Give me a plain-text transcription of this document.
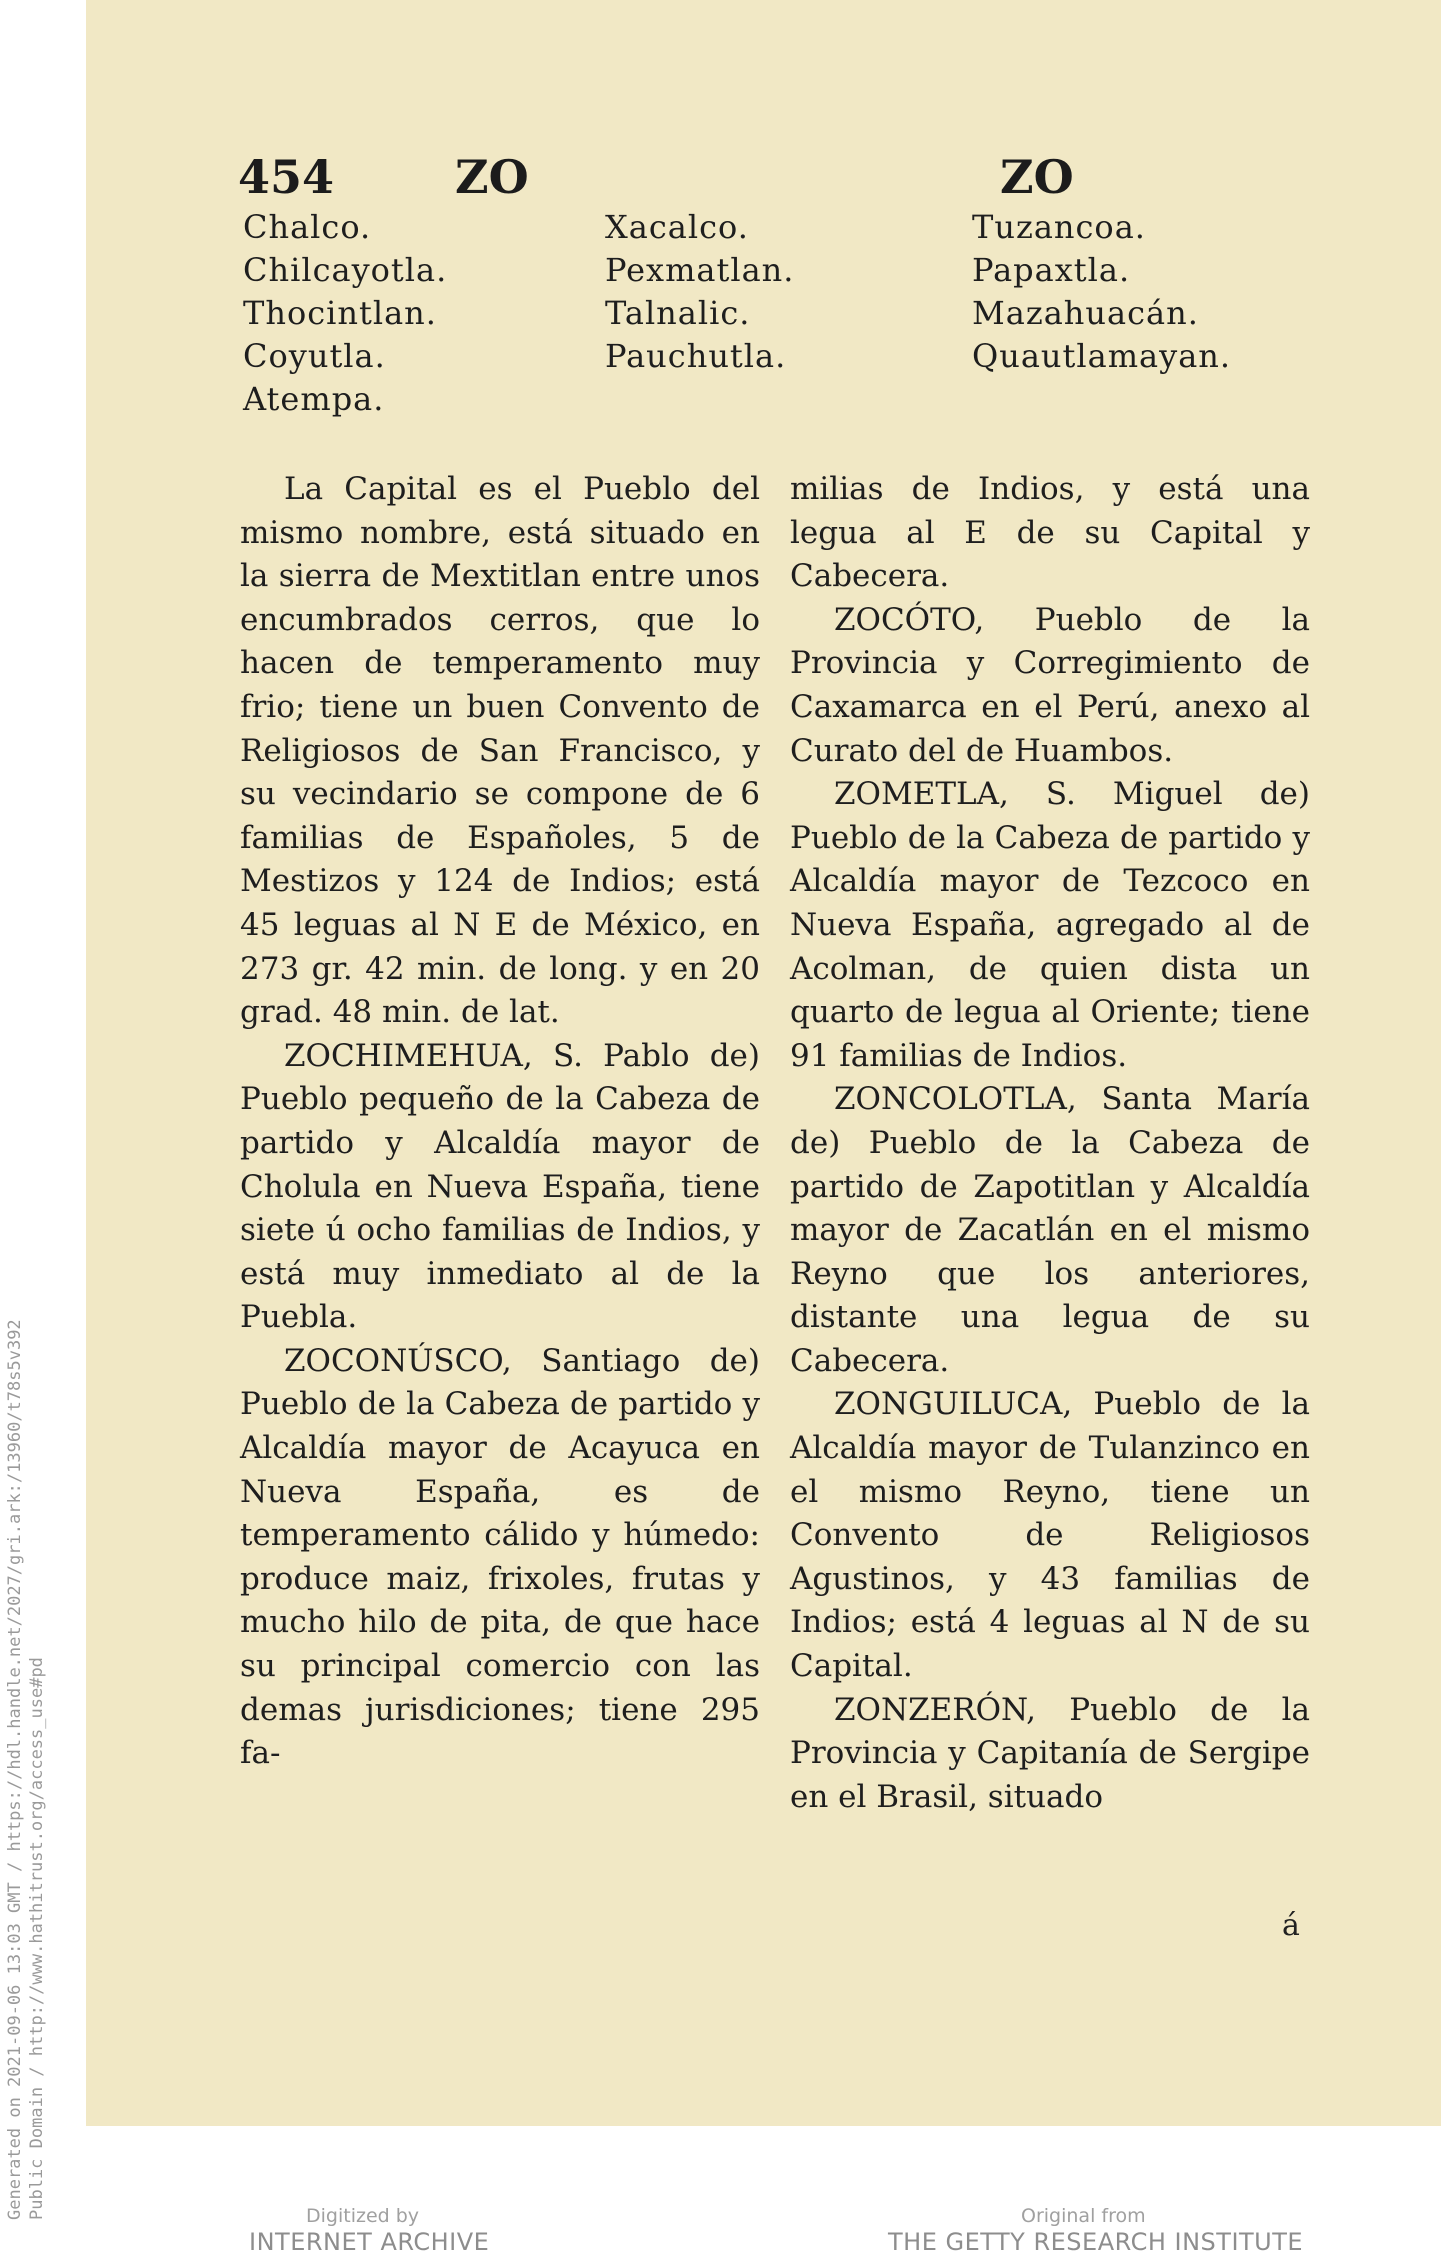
Generated on 2021-09-06 13:03 GMT / https://hdl.handle.net/2027/gri.ark:/13960/t78s5v392 Public Domain / http://www.hathitrust.org/access_use#pd
454	ZO	ZO
Chalco.
Chilcayotla.
Thocintlan.
Coyutla.
Atempa.
Xacalco.
Pexmatlan.
Talnalic.
Pauchutla.
Tuzancoa.
Papaxtla.
Mazahuacán.
Quautlamayan.

La Capital es el Pueblo del mismo nombre, está situado en la sierra de Mextitlan entre unos encumbrados cerros, que lo hacen de temperamento muy frio; tiene un buen Convento de Religiosos de San Francisco, y su vecindario se compone de 6 familias de Españoles, 5 de Mestizos y 124 de Indios; está 45 leguas al N E de México, en 273 gr. 42 min. de long. y en 20 grad. 48 min. de lat.

ZOCHIMEHUA, S. Pablo de) Pueblo pequeño de la Cabeza de partido y Alcaldía mayor de Cholula en Nueva España, tiene siete ú ocho familias de Indios, y está muy inmediato al de la Puebla.

ZOCONÚSCO, Santiago de) Pueblo de la Cabeza de partido y Alcaldía mayor de Acayuca en Nueva España, es de temperamento cálido y húmedo: produce maiz, frixoles, frutas y mucho hilo de pita, de que hace su principal comercio con las demas jurisdiciones; tiene 295 fa-

milias de Indios, y está una legua al E de su Capital y Cabecera.

ZOCÓTO, Pueblo de la Provincia y Corregimiento de Caxamarca en el Perú, anexo al Curato del de Huambos.

ZOMETLA, S. Miguel de) Pueblo de la Cabeza de partido y Alcaldía mayor de Tezcoco en Nueva España, agregado al de Acolman, de quien dista un quarto de legua al Oriente; tiene 91 familias de Indios.

ZONCOLOTLA, Santa María de) Pueblo de la Cabeza de partido de Zapotitlan y Alcaldía mayor de Zacatlán en el mismo Reyno que los anteriores, distante una legua de su Cabecera.

ZONGUILUCA, Pueblo de la Alcaldía mayor de Tulanzinco en el mismo Reyno, tiene un Convento de Religiosos Agustinos, y 43 familias de Indios; está 4 leguas al N de su Capital.

ZONZERÓN, Pueblo de la Provincia y Capitanía de Sergipe en el Brasil, situado

á
Digitized by
INTERNET ARCHIVE
Original from
THE GETTY RESEARCH INSTITUTE
